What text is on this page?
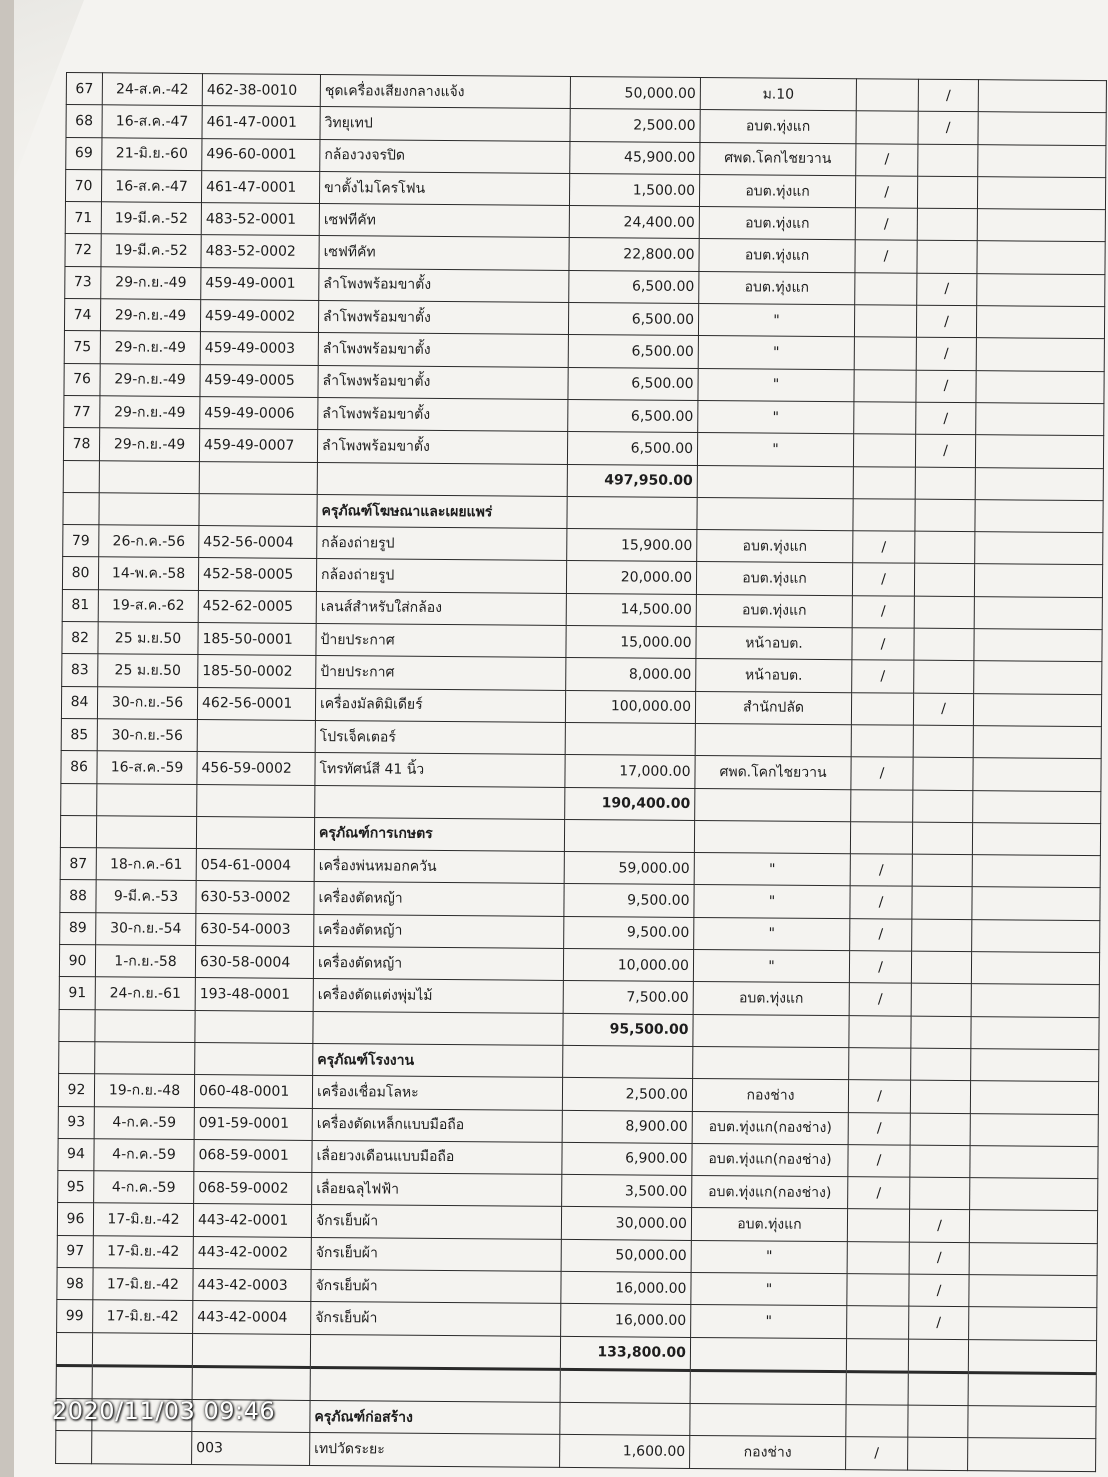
67	24-ส.ค.-42	462-38-0010	ชุดเครื่องเสียงกลางแจ้ง	50,000.00	ม.10		/	
68	16-ส.ค.-47	461-47-0001	วิทยุเทป	2,500.00	อบต.ทุ่งแก		/	
69	21-มิ.ย.-60	496-60-0001	กล้องวงจรปิด	45,900.00	ศพด.โคกไชยวาน	/		
70	16-ส.ค.-47	461-47-0001	ขาตั้งไมโครโฟน	1,500.00	อบต.ทุ่งแก	/		
71	19-มี.ค.-52	483-52-0001	เซฟทีคัท	24,400.00	อบต.ทุ่งแก	/		
72	19-มี.ค.-52	483-52-0002	เซฟทีคัท	22,800.00	อบต.ทุ่งแก	/		
73	29-ก.ย.-49	459-49-0001	ลำโพงพร้อมขาตั้ง	6,500.00	อบต.ทุ่งแก		/	
74	29-ก.ย.-49	459-49-0002	ลำโพงพร้อมขาตั้ง	6,500.00	"		/	
75	29-ก.ย.-49	459-49-0003	ลำโพงพร้อมขาตั้ง	6,500.00	"		/	
76	29-ก.ย.-49	459-49-0005	ลำโพงพร้อมขาตั้ง	6,500.00	"		/	
77	29-ก.ย.-49	459-49-0006	ลำโพงพร้อมขาตั้ง	6,500.00	"		/	
78	29-ก.ย.-49	459-49-0007	ลำโพงพร้อมขาตั้ง	6,500.00	"		/	
				497,950.00				
			ครุภัณฑ์โฆษณาและเผยแพร่					
79	26-ก.ค.-56	452-56-0004	กล้องถ่ายรูป	15,900.00	อบต.ทุ่งแก	/		
80	14-พ.ค.-58	452-58-0005	กล้องถ่ายรูป	20,000.00	อบต.ทุ่งแก	/		
81	19-ส.ค.-62	452-62-0005	เลนส์สำหรับใส่กล้อง	14,500.00	อบต.ทุ่งแก	/		
82	25 ม.ย.50	185-50-0001	ป้ายประกาศ	15,000.00	หน้าอบต.	/		
83	25 ม.ย.50	185-50-0002	ป้ายประกาศ	8,000.00	หน้าอบต.	/		
84	30-ก.ย.-56	462-56-0001	เครื่องมัลติมิเดียร์	100,000.00	สำนักปลัด		/	
85	30-ก.ย.-56		โปรเจ็คเตอร์					
86	16-ส.ค.-59	456-59-0002	โทรทัศน์สี 41 นิ้ว	17,000.00	ศพด.โคกไชยวาน	/		
				190,400.00				
			ครุภัณฑ์การเกษตร					
87	18-ก.ค.-61	054-61-0004	เครื่องพ่นหมอกควัน	59,000.00	"	/		
88	9-มี.ค.-53	630-53-0002	เครื่องตัดหญ้า	9,500.00	"	/		
89	30-ก.ย.-54	630-54-0003	เครื่องตัดหญ้า	9,500.00	"	/		
90	1-ก.ย.-58	630-58-0004	เครื่องตัดหญ้า	10,000.00	"	/		
91	24-ก.ย.-61	193-48-0001	เครื่องตัดแต่งพุ่มไม้	7,500.00	อบต.ทุ่งแก	/		
				95,500.00				
			ครุภัณฑ์โรงงาน					
92	19-ก.ย.-48	060-48-0001	เครื่องเชื่อมโลหะ	2,500.00	กองช่าง	/		
93	4-ก.ค.-59	091-59-0001	เครื่องตัดเหล็กแบบมือถือ	8,900.00	อบต.ทุ่งแก(กองช่าง)	/		
94	4-ก.ค.-59	068-59-0001	เลื่อยวงเดือนแบบมือถือ	6,900.00	อบต.ทุ่งแก(กองช่าง)	/		
95	4-ก.ค.-59	068-59-0002	เลื่อยฉลุไฟฟ้า	3,500.00	อบต.ทุ่งแก(กองช่าง)	/		
96	17-มิ.ย.-42	443-42-0001	จักรเย็บผ้า	30,000.00	อบต.ทุ่งแก		/	
97	17-มิ.ย.-42	443-42-0002	จักรเย็บผ้า	50,000.00	"		/	
98	17-มิ.ย.-42	443-42-0003	จักรเย็บผ้า	16,000.00	"		/	
99	17-มิ.ย.-42	443-42-0004	จักรเย็บผ้า	16,000.00	"		/	
				133,800.00				

			ครุภัณฑ์ก่อสร้าง					
		003	เทปวัดระยะ	1,600.00	กองช่าง	/		
2020/11/03 09:46
